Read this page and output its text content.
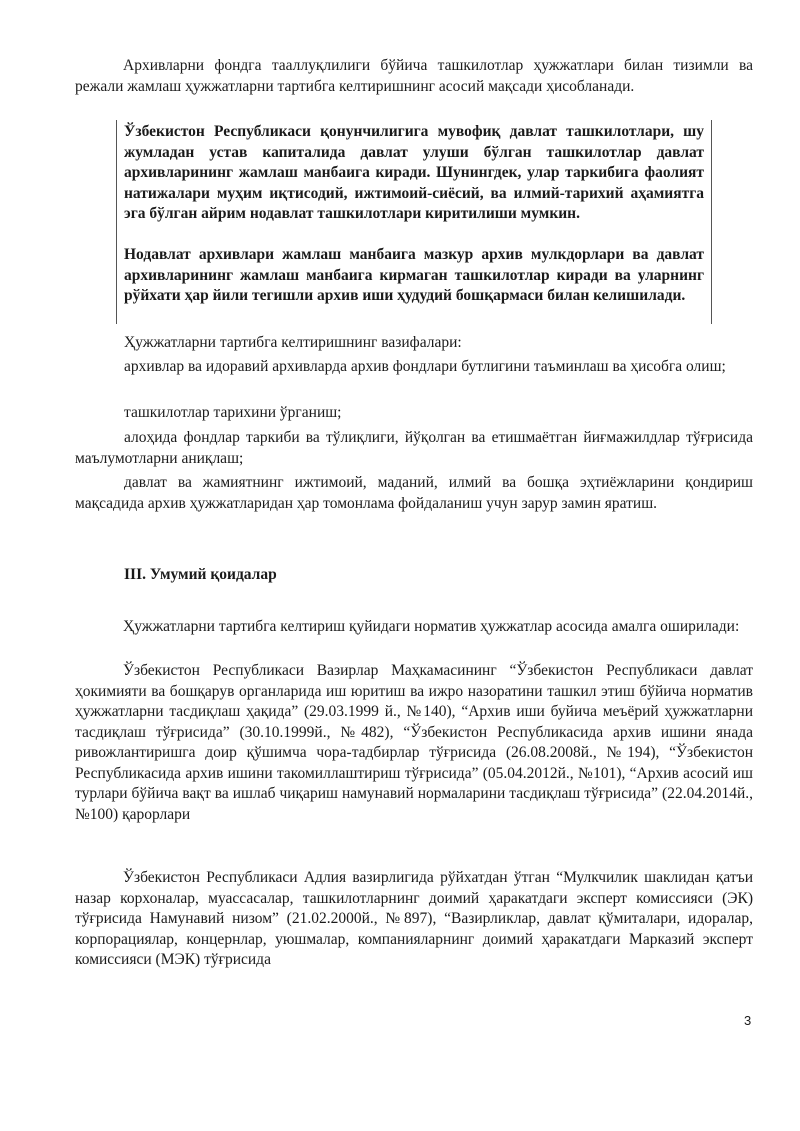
Архивларни фондга тааллуқлилиги бўйича ташкилотлар ҳужжатлари билан тизимли ва режали жамлаш ҳужжатларни тартибга келтиришнинг асосий мақсади ҳисобланади.

Ўзбекистон Республикаси қонунчилигига мувофиқ давлат ташкилотлари, шу жумладан устав капиталида давлат улуши бўлган ташкилотлар давлат архивларининг жамлаш манбаига киради. Шунингдек, улар таркибига фаолият натижалари муҳим иқтисодий, ижтимоий-сиёсий, ва илмий-тарихий аҳамиятга эга бўлган айрим нодавлат ташкилотлари киритилиши мумкин.

Нодавлат архивлари жамлаш манбаига мазкур архив мулкдорлари ва давлат архивларининг жамлаш манбаига кирмаган ташкилотлар киради ва уларнинг рўйхати ҳар йили тегишли архив иши ҳудудий бошқармаси билан келишилади.

Ҳужжатларни тартибга келтиришнинг вазифалари:

архивлар ва идоравий архивларда архив фондлари бутлигини таъминлаш ва ҳисобга олиш;

ташкилотлар тарихини ўрганиш;

алоҳида фондлар таркиби ва тўлиқлиги, йўқолган ва етишмаётган йиғмажилдлар тўғрисида маълумотларни аниқлаш;

давлат ва жамиятнинг ижтимоий, маданий, илмий ва бошқа эҳтиёжларини қондириш мақсадида архив ҳужжатларидан ҳар томонлама фойдаланиш учун зарур замин яратиш.

III. Умумий қоидалар

Ҳужжатларни тартибга келтириш қуйидаги норматив ҳужжатлар асосида амалга оширилади:

Ўзбекистон Республикаси Вазирлар Маҳкамасининг “Ўзбекистон Республикаси давлат ҳокимияти ва бошқарув органларида иш юритиш ва ижро назоратини ташкил этиш бўйича норматив ҳужжатларни тасдиқлаш ҳақида” (29.03.1999 й., №140), “Архив иши буйича меъёрий ҳужжатларни тасдиқлаш тўғрисида” (30.10.1999й., №482), “Ўзбекистон Республикасида архив ишини янада ривожлантиришга доир қўшимча чора-тадбирлар тўғрисида (26.08.2008й., №194), “Ўзбекистон Республикасида архив ишини такомиллаштириш тўғрисида” (05.04.2012й., №101), “Архив асосий иш турлари бўйича вақт ва ишлаб чиқариш намунавий нормаларини тасдиқлаш тўғрисида” (22.04.2014й., №100) қарорлари

Ўзбекистон Республикаси Адлия вазирлигида рўйхатдан ўтган “Мулкчилик шаклидан қатъи назар корхоналар, муассасалар, ташкилотларнинг доимий ҳаракатдаги эксперт комиссияси (ЭК) тўғрисида Намунавий низом” (21.02.2000й., №897), “Вазирликлар, давлат қўмиталари, идоралар, корпорациялар, концернлар, уюшмалар, компанияларнинг доимий ҳаракатдаги Марказий эксперт комиссияси (МЭК) тўғрисида

3
